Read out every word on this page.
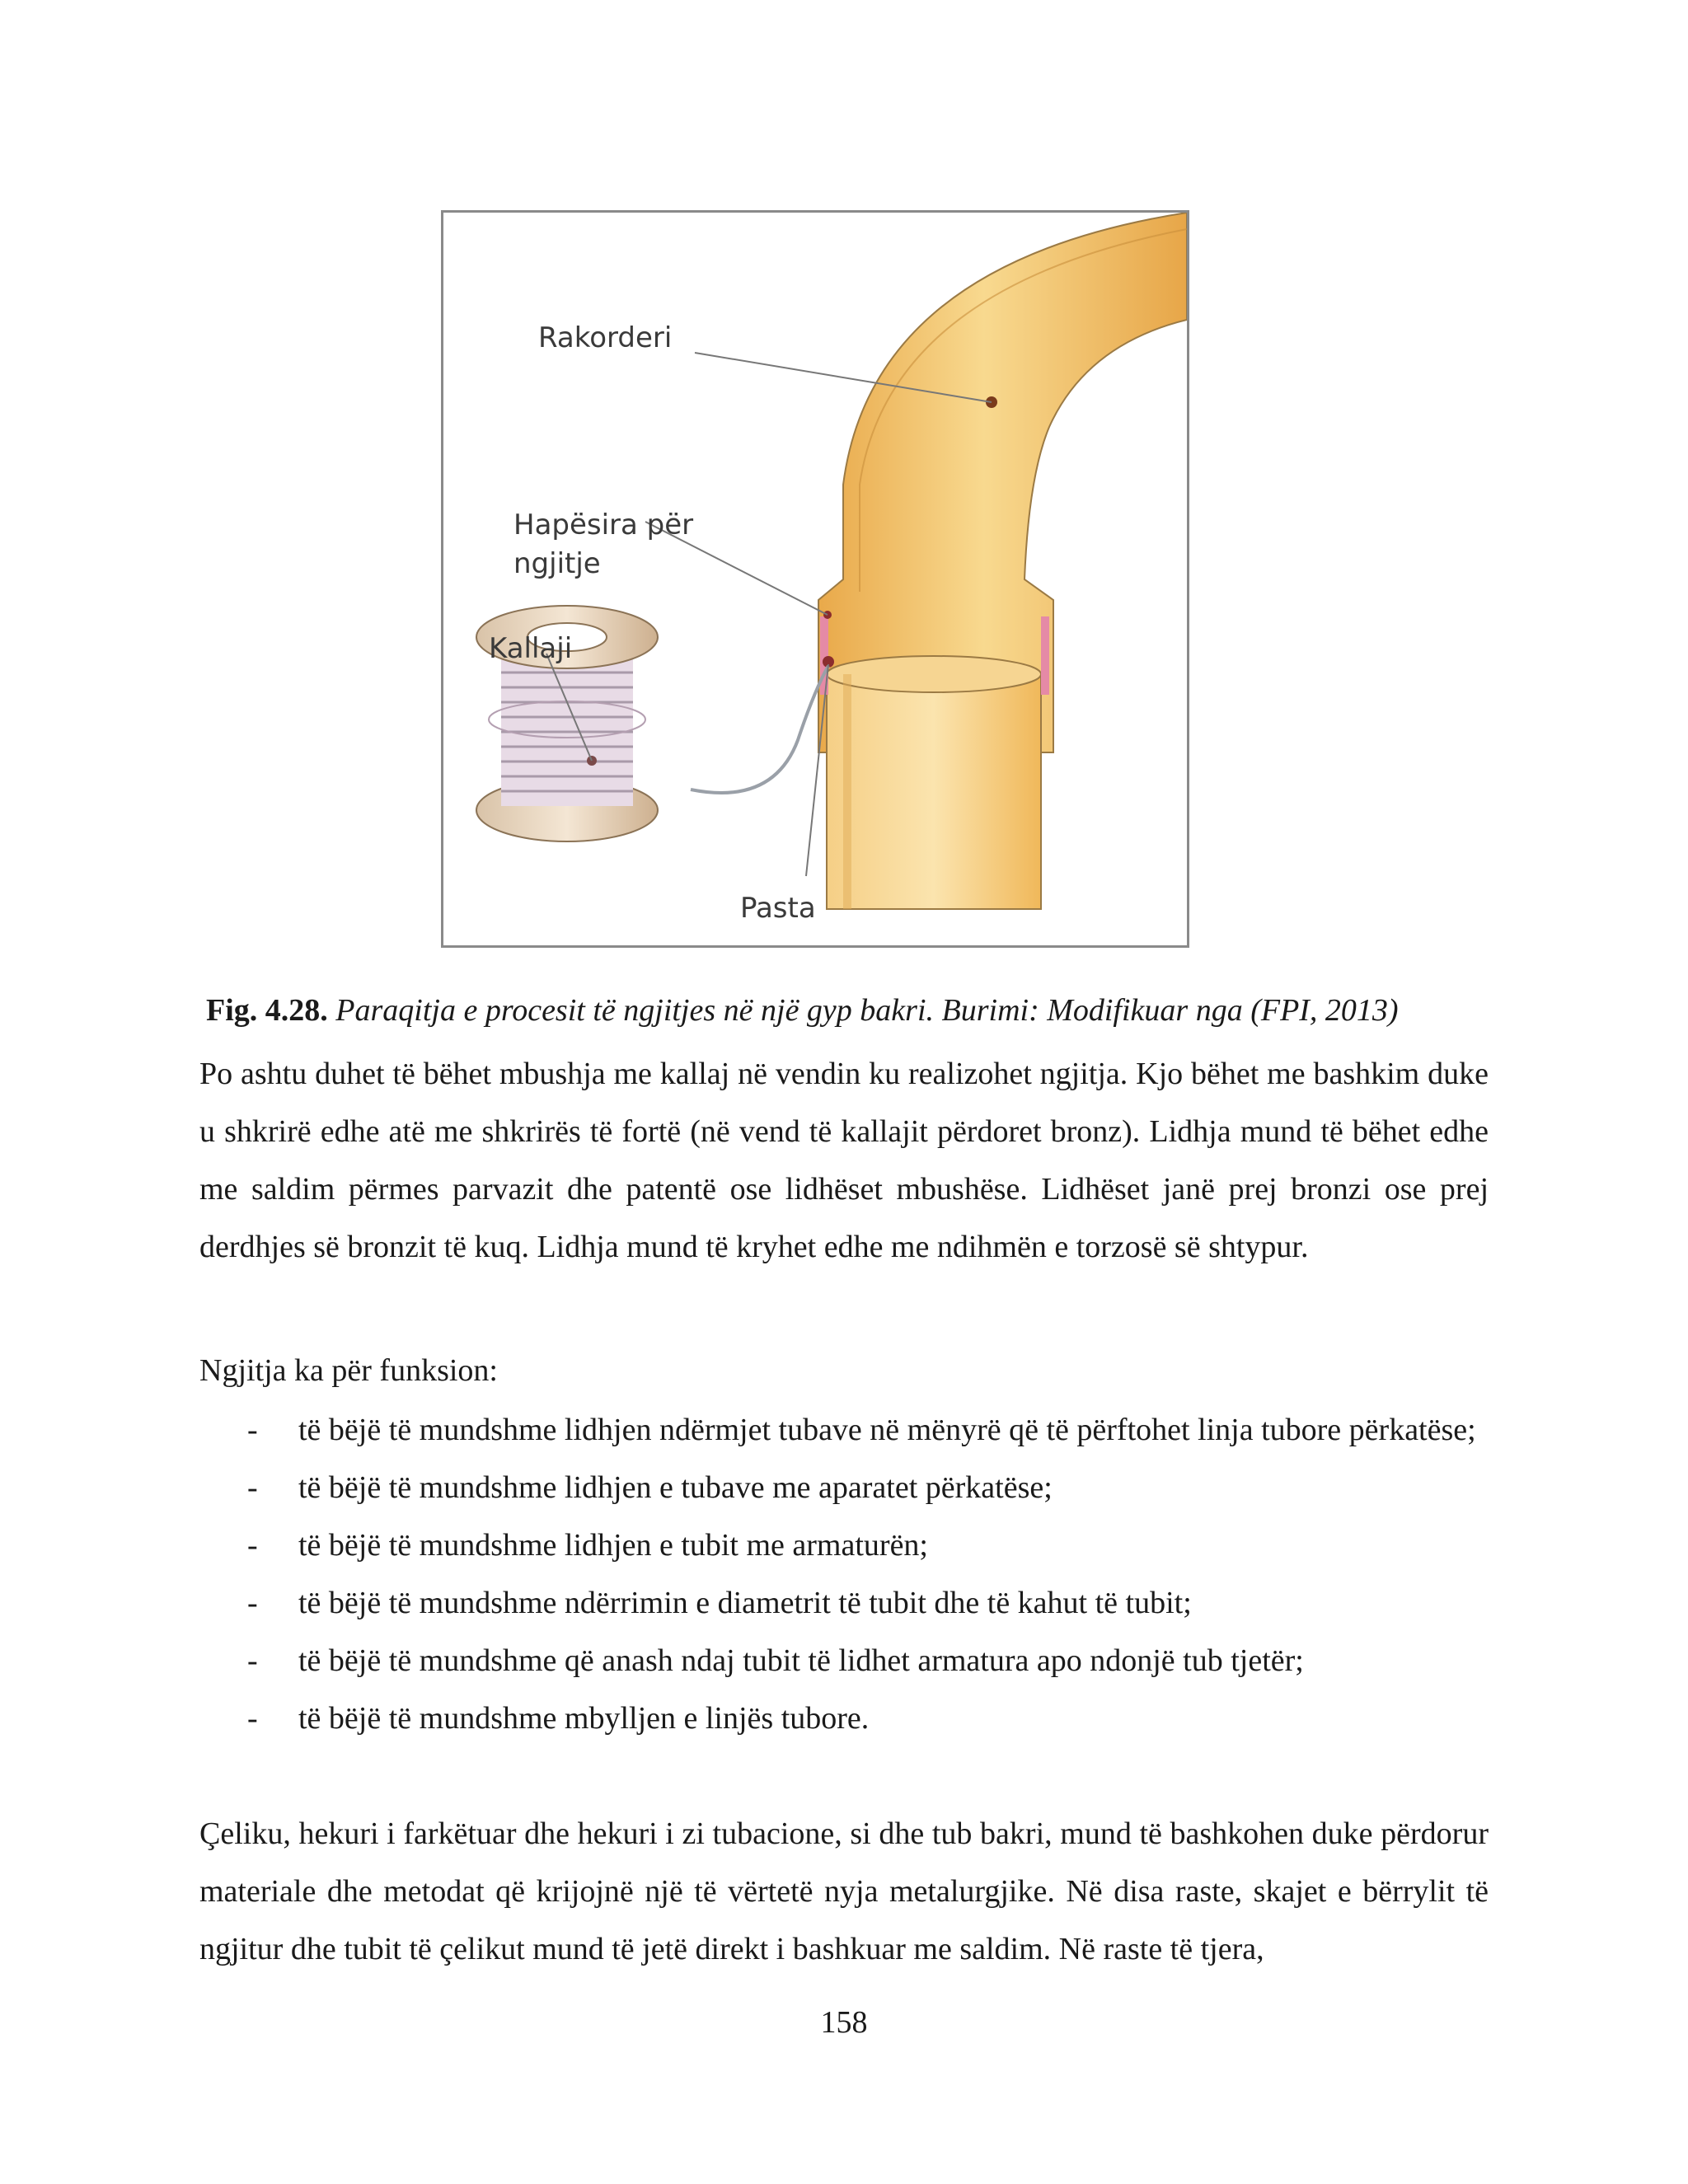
Rakorderi
Hapësira për
ngjitje
Kallaji
Pasta
Fig. 4.28. Paraqitja e procesit të ngjitjes në një gyp bakri. Burimi: Modifikuar nga (FPI, 2013)

Po ashtu duhet të bëhet mbushja me kallaj në vendin ku realizohet ngjitja. Kjo bëhet me bashkim duke u shkrirë edhe atë me shkrirës të fortë (në vend të kallajit përdoret bronz). Lidhja mund të bëhet edhe me saldim përmes parvazit dhe patentë ose lidhëset mbushëse. Lidhëset janë prej bronzi ose prej derdhjes së bronzit të kuq. Lidhja mund të kryhet edhe me ndihmën e torzosë së shtypur.

Ngjitja ka për funksion:

- të bëjë të mundshme lidhjen ndërmjet tubave në mënyrë që të përftohet linja tubore përkatëse;
- të bëjë të mundshme lidhjen e tubave me aparatet përkatëse;
- të bëjë të mundshme lidhjen e tubit me armaturën;
- të bëjë të mundshme ndërrimin e diametrit të tubit dhe të kahut të tubit;
- të bëjë të mundshme që anash ndaj tubit të lidhet armatura apo ndonjë tub tjetër;
- të bëjë të mundshme mbylljen e linjës tubore.

Çeliku, hekuri i farkëtuar dhe hekuri i zi tubacione, si dhe tub bakri, mund të bashkohen duke përdorur materiale dhe metodat që krijojnë një të vërtetë nyja metalurgjike. Në disa raste, skajet e bërrylit të ngjitur dhe tubit të çelikut mund të jetë direkt i bashkuar me saldim. Në raste të tjera,

158
